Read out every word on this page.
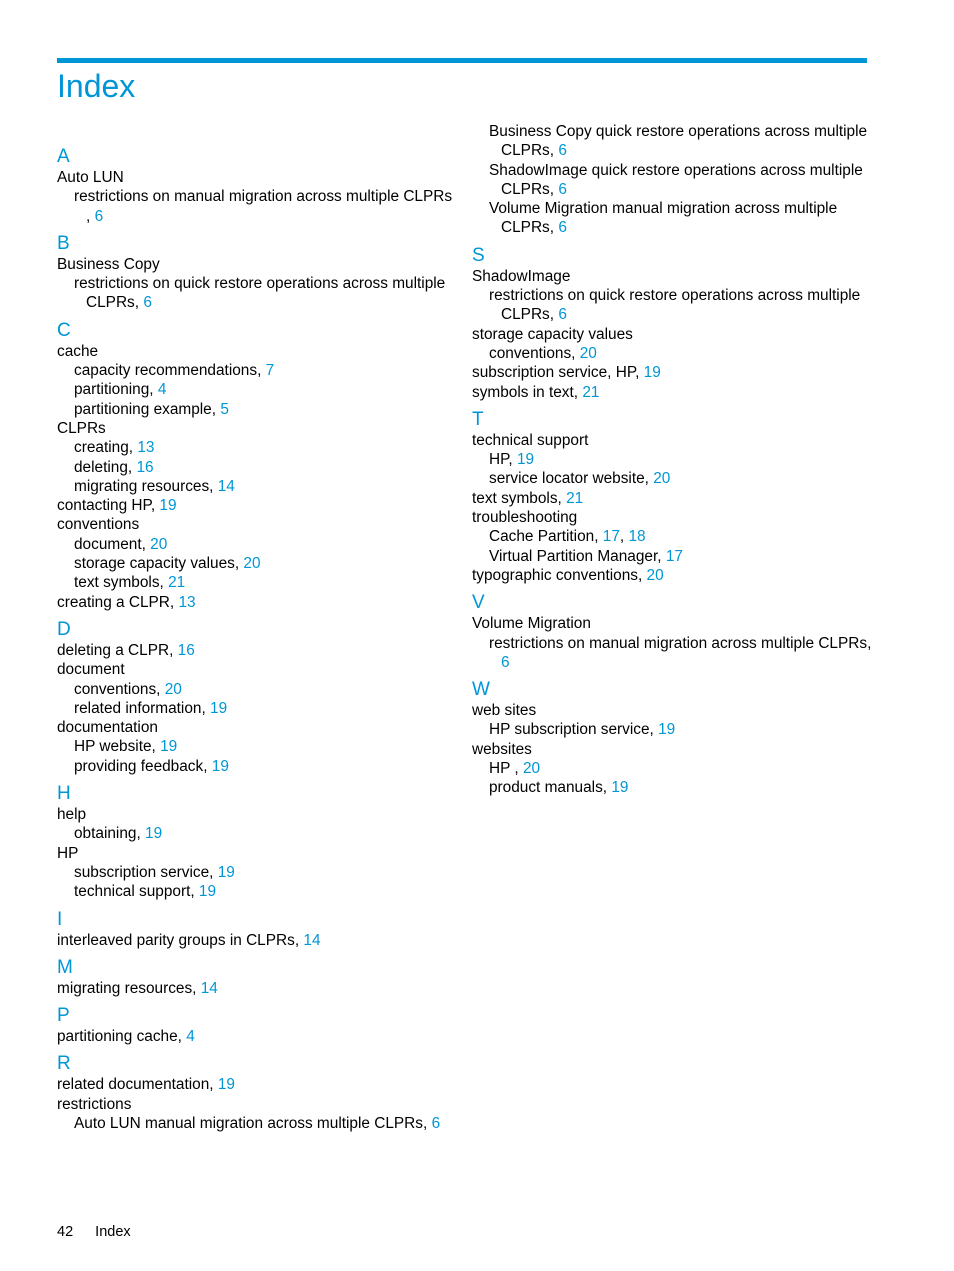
Index
A
Auto LUN
restrictions on manual migration across multiple CLPRs
, 6
B
Business Copy
restrictions on quick restore operations across multiple
CLPRs, 6
C
cache
capacity recommendations, 7
partitioning, 4
partitioning example, 5
CLPRs
creating, 13
deleting, 16
migrating resources, 14
contacting HP, 19
conventions
document, 20
storage capacity values, 20
text symbols, 21
creating a CLPR, 13
D
deleting a CLPR, 16
document
conventions, 20
related information, 19
documentation
HP website, 19
providing feedback, 19
H
help
obtaining, 19
HP
subscription service, 19
technical support, 19
I
interleaved parity groups in CLPRs, 14
M
migrating resources, 14
P
partitioning cache, 4
R
related documentation, 19
restrictions
Auto LUN manual migration across multiple CLPRs, 6
Business Copy quick restore operations across multiple
CLPRs, 6
ShadowImage quick restore operations across multiple
CLPRs, 6
Volume Migration manual migration across multiple
CLPRs, 6
S
ShadowImage
restrictions on quick restore operations across multiple
CLPRs, 6
storage capacity values
conventions, 20
subscription service, HP, 19
symbols in text, 21
T
technical support
HP, 19
service locator website, 20
text symbols, 21
troubleshooting
Cache Partition, 17, 18
Virtual Partition Manager, 17
typographic conventions, 20
V
Volume Migration
restrictions on manual migration across multiple CLPRs,
6
W
web sites
HP subscription service, 19
websites
HP , 20
product manuals, 19
42 Index
